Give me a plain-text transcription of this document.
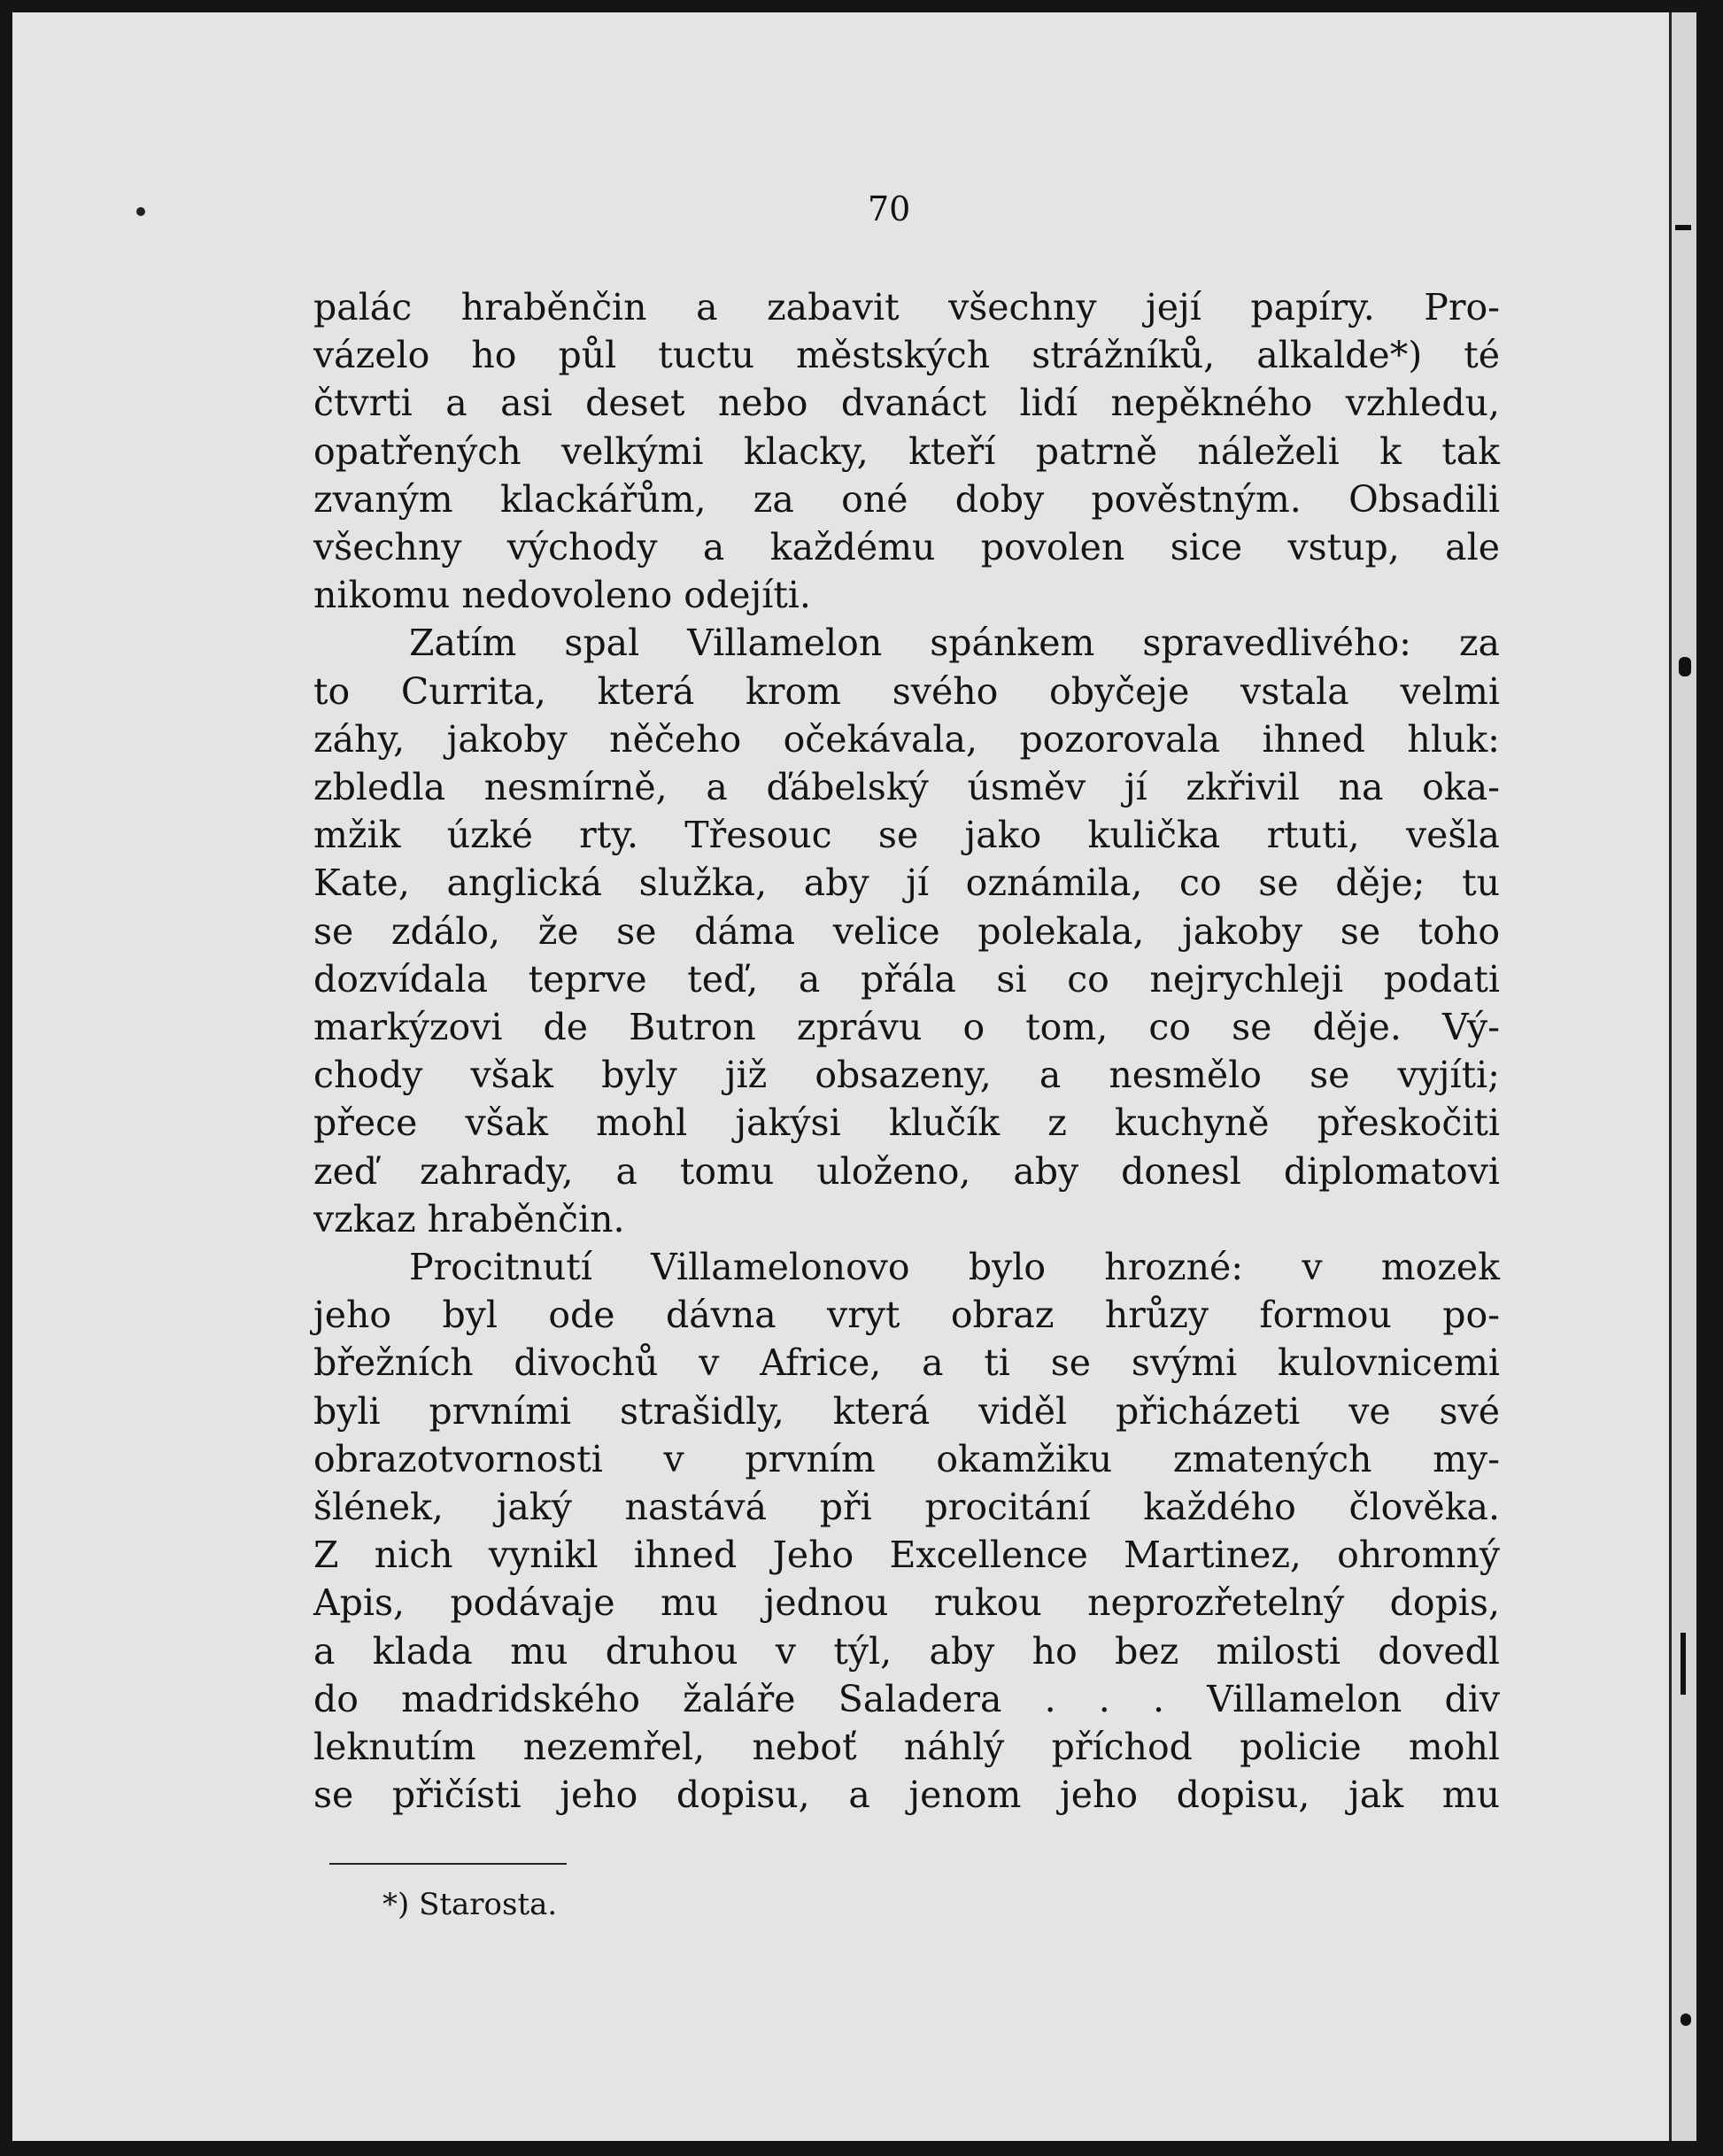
70
palác hraběnčin a zabavit všechny její papíry. Pro-
vázelo ho půl tuctu městských strážníků, alkalde*) té
čtvrti a asi deset nebo dvanáct lidí nepěkného vzhledu,
opatřených velkými klacky, kteří patrně náleželi k tak
zvaným klackářům, za oné doby pověstným. Obsadili
všechny východy a každému povolen sice vstup, ale
nikomu nedovoleno odejíti.
Zatím spal Villamelon spánkem spravedlivého: za
to Currita, která krom svého obyčeje vstala velmi
záhy, jakoby něčeho očekávala, pozorovala ihned hluk:
zbledla nesmírně, a ďábelský úsměv jí zkřivil na oka-
mžik úzké rty. Třesouc se jako kulička rtuti, vešla
Kate, anglická služka, aby jí oznámila, co se děje; tu
se zdálo, že se dáma velice polekala, jakoby se toho
dozvídala teprve teď, a přála si co nejrychleji podati
markýzovi de Butron zprávu o tom, co se děje. Vý-
chody však byly již obsazeny, a nesmělo se vyjíti;
přece však mohl jakýsi klučík z kuchyně přeskočiti
zeď zahrady, a tomu uloženo, aby donesl diplomatovi
vzkaz hraběnčin.
Procitnutí Villamelonovo bylo hrozné: v mozek
jeho byl ode dávna vryt obraz hrůzy formou po-
břežních divochů v Africe, a ti se svými kulovnicemi
byli prvními strašidly, která viděl přicházeti ve své
obrazotvornosti v prvním okamžiku zmatených my-
šlének, jaký nastává při procitání každého člověka.
Z nich vynikl ihned Jeho Excellence Martinez, ohromný
Apis, podávaje mu jednou rukou neprozřetelný dopis,
a klada mu druhou v týl, aby ho bez milosti dovedl
do madridského žaláře Saladera . . . Villamelon div
leknutím nezemřel, neboť náhlý příchod policie mohl
se přičísti jeho dopisu, a jenom jeho dopisu, jak mu
*) Starosta.
